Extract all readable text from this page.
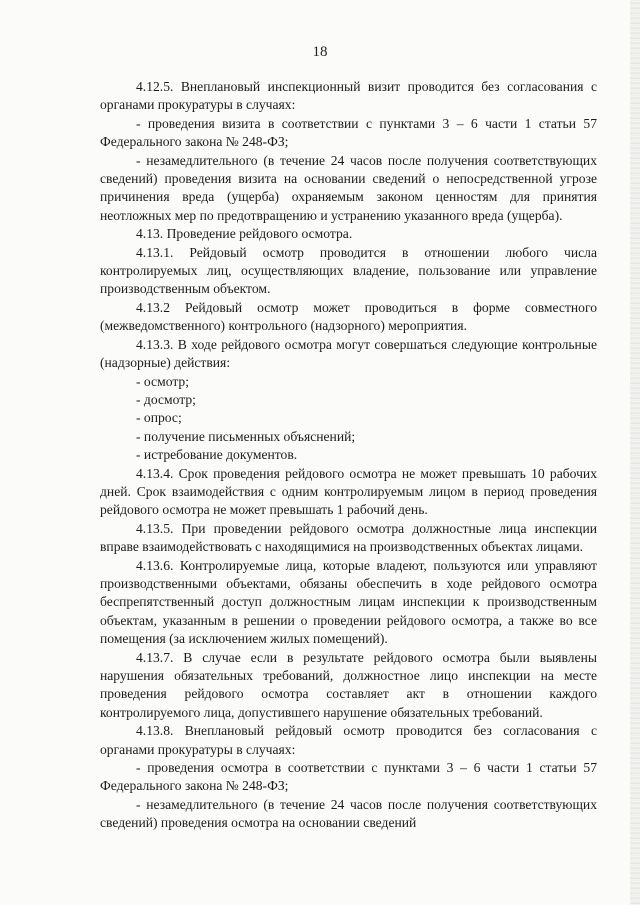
18

4.12.5. Внеплановый инспекционный визит проводится без согласования с органами прокуратуры в случаях:

- проведения визита в соответствии с пунктами 3 – 6 части 1 статьи 57 Федерального закона № 248-ФЗ;

- незамедлительного (в течение 24 часов после получения соответствующих сведений) проведения визита на основании сведений о непосредственной угрозе причинения вреда (ущерба) охраняемым законом ценностям для принятия неотложных мер по предотвращению и устранению указанного вреда (ущерба).

4.13. Проведение рейдового осмотра.

4.13.1. Рейдовый осмотр проводится в отношении любого числа контролируемых лиц, осуществляющих владение, пользование или управление производственным объектом.

4.13.2 Рейдовый осмотр может проводиться в форме совместного (межведомственного) контрольного (надзорного) мероприятия.

4.13.3. В ходе рейдового осмотра могут совершаться следующие контрольные (надзорные) действия:

- осмотр;

- досмотр;

- опрос;

- получение письменных объяснений;

- истребование документов.

4.13.4. Срок проведения рейдового осмотра не может превышать 10 рабочих дней. Срок взаимодействия с одним контролируемым лицом в период проведения рейдового осмотра не может превышать 1 рабочий день.

4.13.5. При проведении рейдового осмотра должностные лица инспекции вправе взаимодействовать с находящимися на производственных объектах лицами.

4.13.6. Контролируемые лица, которые владеют, пользуются или управляют производственными объектами, обязаны обеспечить в ходе рейдового осмотра беспрепятственный доступ должностным лицам инспекции к производственным объектам, указанным в решении о проведении рейдового осмотра, а также во все помещения (за исключением жилых помещений).

4.13.7. В случае если в результате рейдового осмотра были выявлены нарушения обязательных требований, должностное лицо инспекции на месте проведения рейдового осмотра составляет акт в отношении каждого контролируемого лица, допустившего нарушение обязательных требований.

4.13.8. Внеплановый рейдовый осмотр проводится без согласования с органами прокуратуры в случаях:

- проведения осмотра в соответствии с пунктами 3 – 6 части 1 статьи 57 Федерального закона № 248-ФЗ;

- незамедлительного (в течение 24 часов после получения соответствующих сведений) проведения осмотра на основании сведений
